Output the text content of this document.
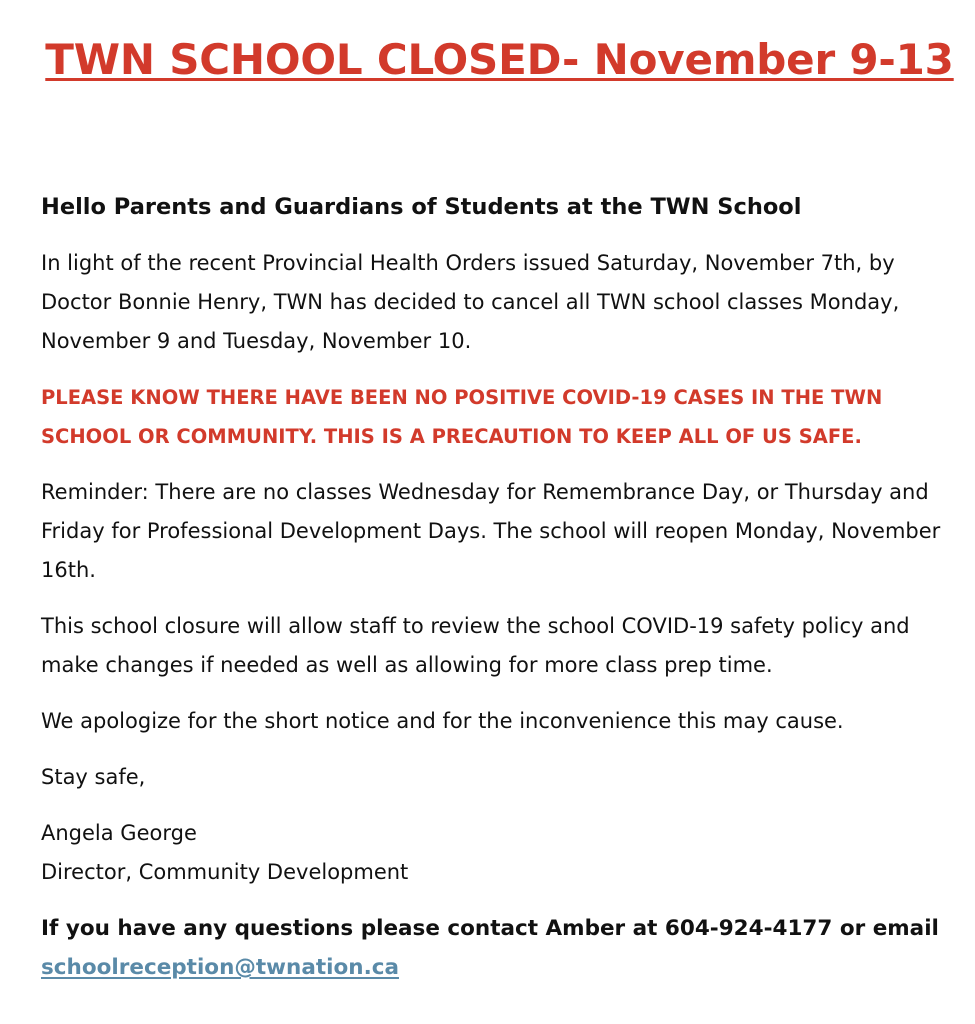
TWN SCHOOL CLOSED- November 9-13
Hello Parents and Guardians of Students at the TWN School

In light of the recent Provincial Health Orders issued Saturday, November 7th, by Doctor Bonnie Henry, TWN has decided to cancel all TWN school classes Monday, November 9 and Tuesday, November 10.

PLEASE KNOW THERE HAVE BEEN NO POSITIVE COVID-19 CASES IN THE TWN
SCHOOL OR COMMUNITY. THIS IS A PRECAUTION TO KEEP ALL OF US SAFE.

Reminder: There are no classes Wednesday for Remembrance Day, or Thursday and Friday for Professional Development Days. The school will reopen Monday, November 16th.

This school closure will allow staff to review the school COVID-19 safety policy and make changes if needed as well as allowing for more class prep time.

We apologize for the short notice and for the inconvenience this may cause.

Stay safe,

Angela George
Director, Community Development

If you have any questions please contact Amber at 604-924-4177 or email
schoolreception@twnation.ca
